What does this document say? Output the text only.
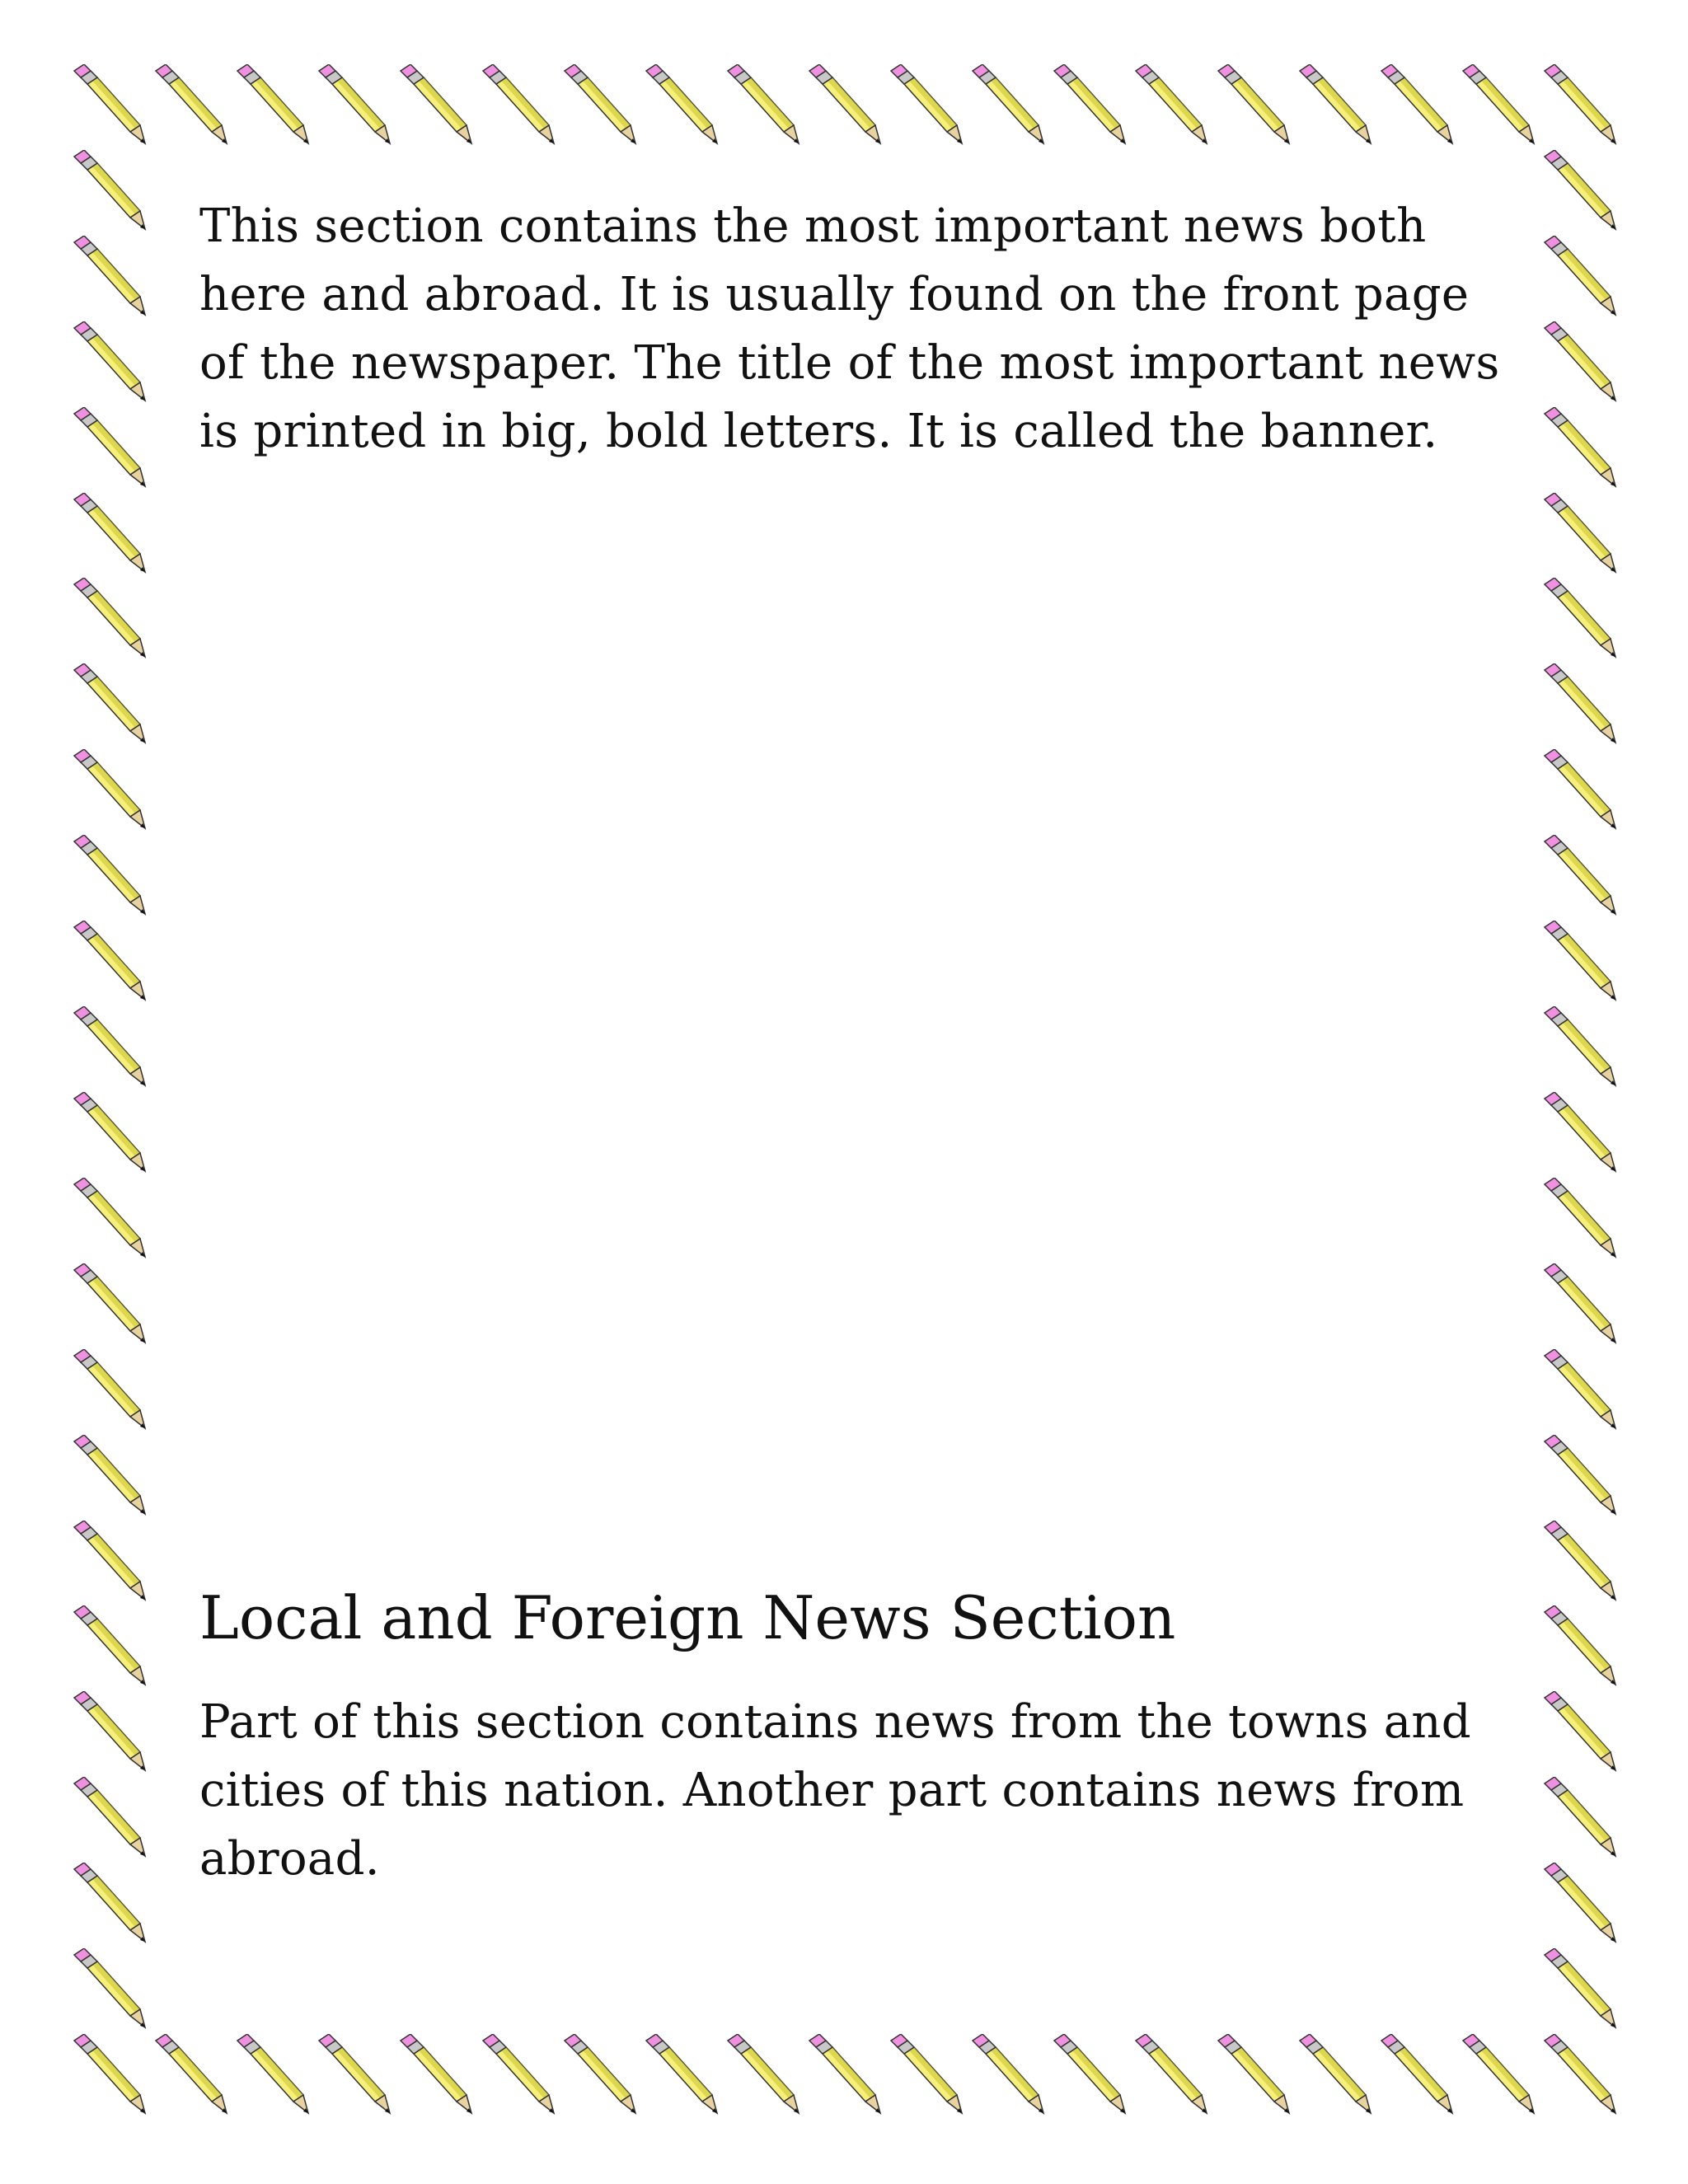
This section contains the most important news both here and abroad. It is usually found on the front page of the newspaper. The title of the most important news is printed in big, bold letters. It is called the banner.

Local and Foreign News Section

Part of this section contains news from the towns and cities of this nation. Another part contains news from abroad.
